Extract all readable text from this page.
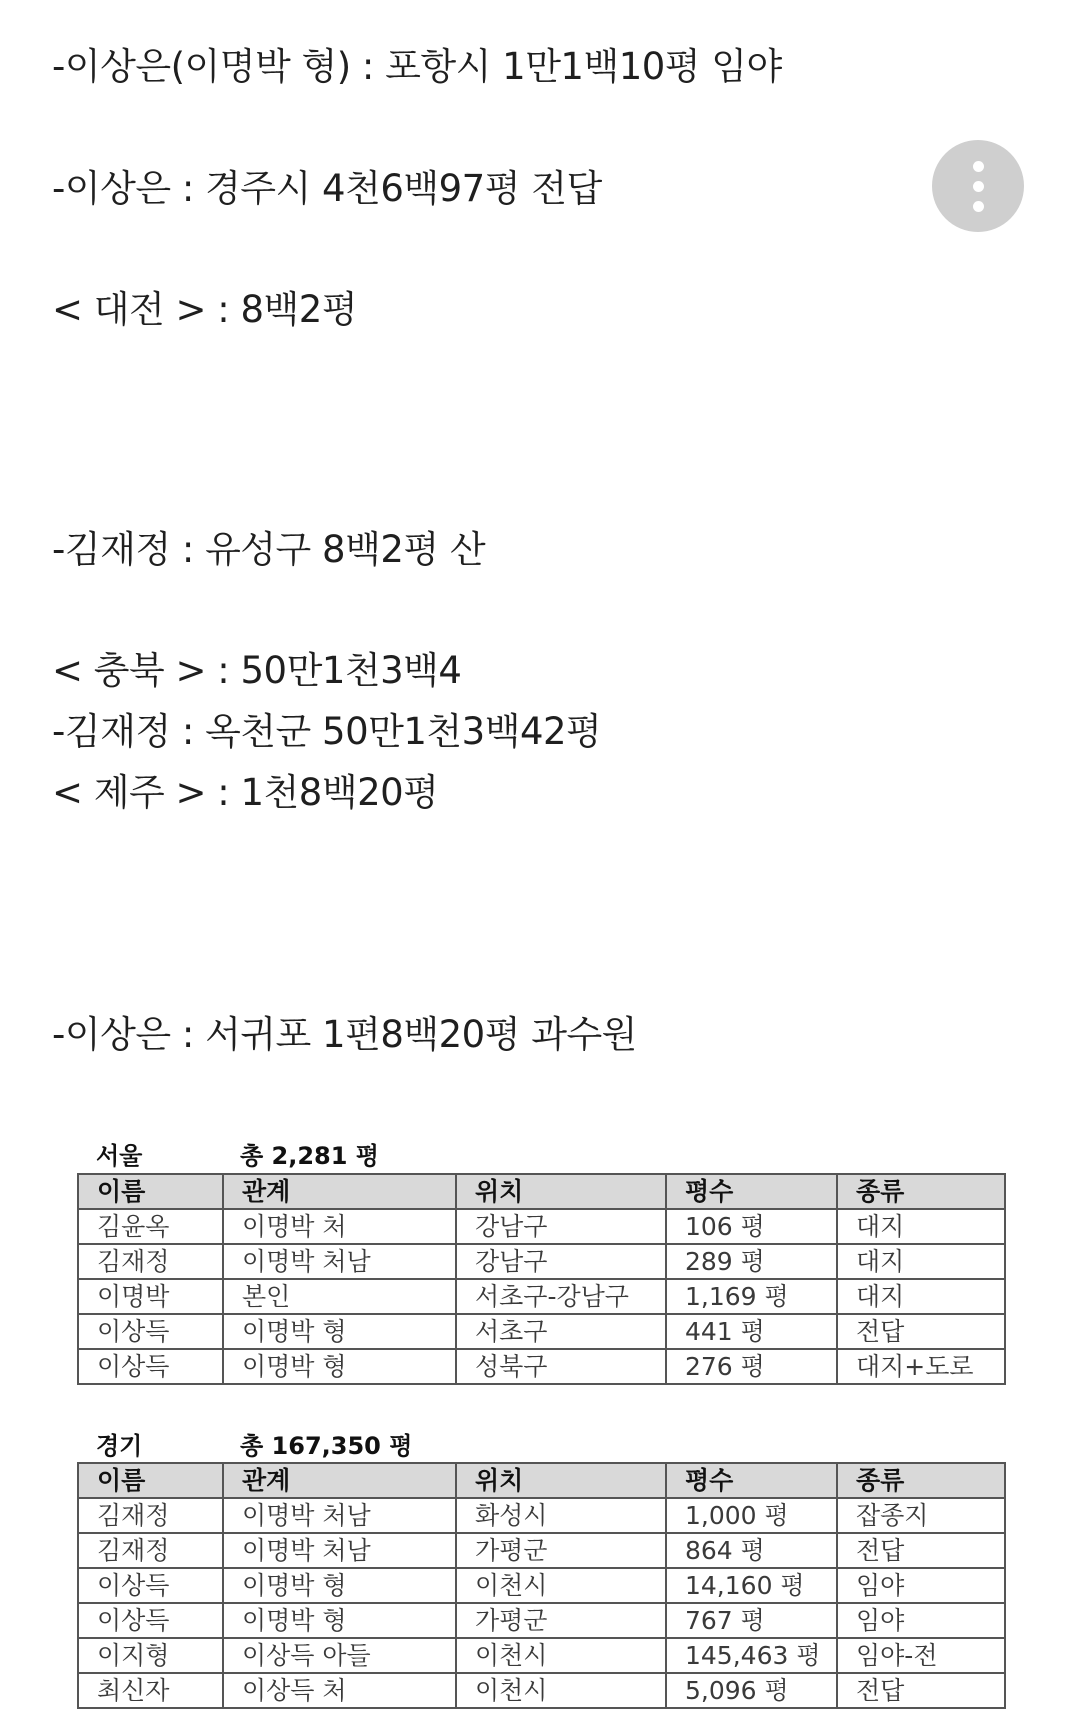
-이상은(이명박 형) : 포항시 1만1백10평 임야
-이상은 : 경주시 4천6백97평 전답
< 대전 > : 8백2평
-김재정 : 유성구 8백2평 산
< 충북 > : 50만1천3백4
-김재정 : 옥천군 50만1천3백42평
< 제주 > : 1천8백20평
-이상은 : 서귀포 1편8백20평 과수원
서울	총 2,281 평
이름	관계	위치	평수	종류
김윤옥	이명박 처	강남구	106 평	대지
김재정	이명박 처남	강남구	289 평	대지
이명박	본인	서초구-강남구	1,169 평	대지
이상득	이명박 형	서초구	441 평	전답
이상득	이명박 형	성북구	276 평	대지+도로
경기	총 167,350 평
이름	관계	위치	평수	종류
김재정	이명박 처남	화성시	1,000 평	잡종지
김재정	이명박 처남	가평군	864 평	전답
이상득	이명박 형	이천시	14,160 평	임야
이상득	이명박 형	가평군	767 평	임야
이지형	이상득 아들	이천시	145,463 평	임야-전
최신자	이상득 처	이천시	5,096 평	전답
